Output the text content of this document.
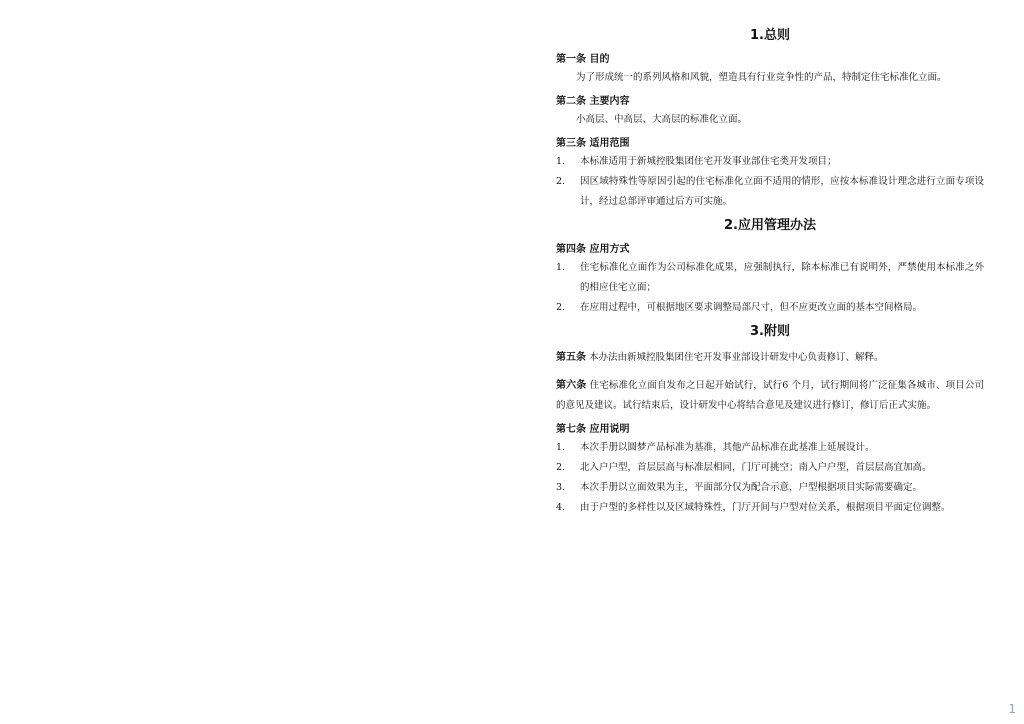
1.总则
第一条 目的
为了形成统一的系列风格和风貌，塑造具有行业竞争性的产品，特制定住宅标准化立面。
第二条 主要内容
小高层、中高层、大高层的标准化立面。
第三条 适用范围
1.	本标准适用于新城控股集团住宅开发事业部住宅类开发项目；
2.	因区域特殊性等原因引起的住宅标准化立面不适用的情形，应按本标准设计理念进行立面专项设计，经过总部评审通过后方可实施。
2.应用管理办法
第四条 应用方式
1.	住宅标准化立面作为公司标准化成果，应强制执行，除本标准已有说明外，严禁使用本标准之外的相应住宅立面；
2.	在应用过程中，可根据地区要求调整局部尺寸，但不应更改立面的基本空间格局。
3.附则
第五条 本办法由新城控股集团住宅开发事业部设计研发中心负责修订、解释。
第六条 住宅标准化立面自发布之日起开始试行，试行6 个月，试行期间将广泛征集各城市、项目公司的意见及建议。试行结束后，设计研发中心将结合意见及建议进行修订，修订后正式实施。
第七条 应用说明
1.	本次手册以圆梦产品标准为基准，其他产品标准在此基准上延展设计。
2.	北入户户型，首层层高与标准层相同，门厅可挑空；南入户户型，首层层高宜加高。
3.	本次手册以立面效果为主，平面部分仅为配合示意，户型根据项目实际需要确定。
4.	由于户型的多样性以及区域特殊性，门厅开间与户型对位关系，根据项目平面定位调整。
1
